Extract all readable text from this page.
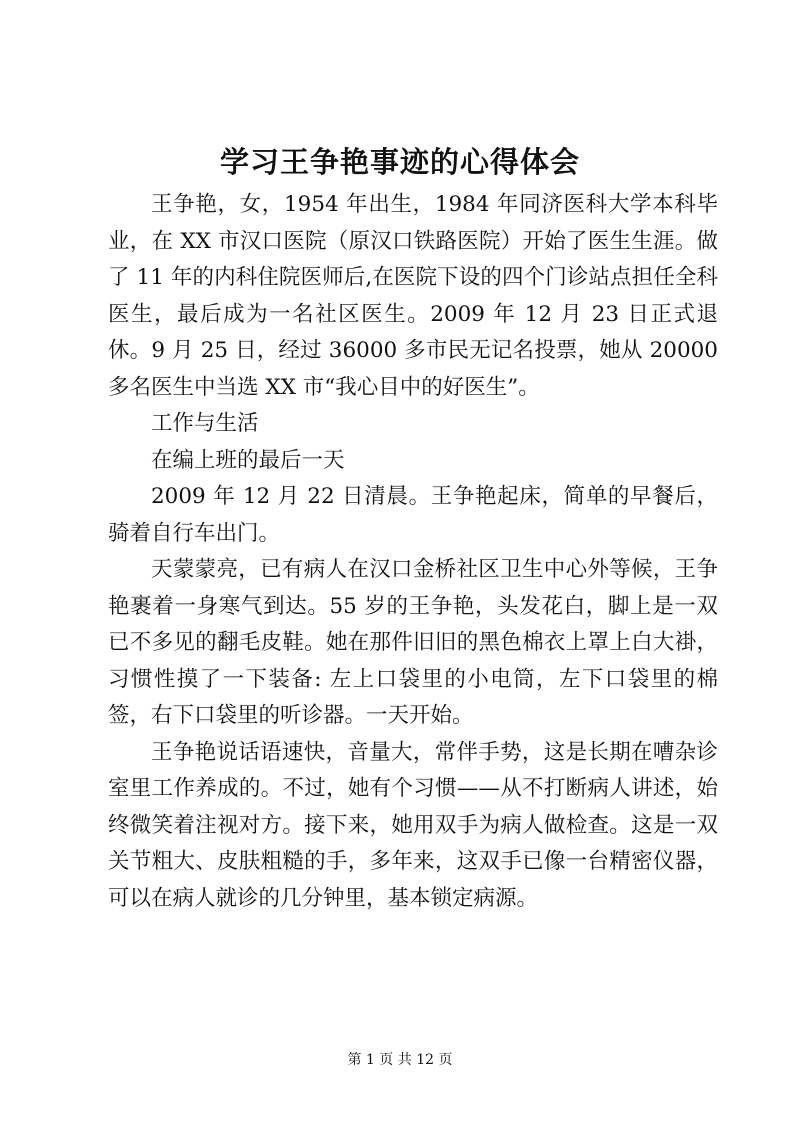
学习王争艳事迹的心得体会

王争艳，女，1954 年出生，1984 年同济医科大学本科毕业，在 XX 市汉口医院（原汉口铁路医院）开始了医生生涯。做了 11 年的内科住院医师后,在医院下设的四个门诊站点担任全科医生，最后成为一名社区医生。2009 年 12 月 23 日正式退休。9 月 25 日，经过 36000 多市民无记名投票，她从 20000 多名医生中当选 XX 市“我心目中的好医生”。

工作与生活

在编上班的最后一天

2009 年 12 月 22 日清晨。王争艳起床，简单的早餐后，骑着自行车出门。

天蒙蒙亮，已有病人在汉口金桥社区卫生中心外等候，王争艳裹着一身寒气到达。55 岁的王争艳，头发花白，脚上是一双已不多见的翻毛皮鞋。她在那件旧旧的黑色棉衣上罩上白大褂，习惯性摸了一下装备: 左上口袋里的小电筒，左下口袋里的棉签，右下口袋里的听诊器。一天开始。

王争艳说话语速快，音量大，常伴手势，这是长期在嘈杂诊室里工作养成的。不过，她有个习惯——从不打断病人讲述，始终微笑着注视对方。接下来，她用双手为病人做检查。这是一双关节粗大、皮肤粗糙的手，多年来，这双手已像一台精密仪器，可以在病人就诊的几分钟里，基本锁定病源。

第 1 页 共 12 页
